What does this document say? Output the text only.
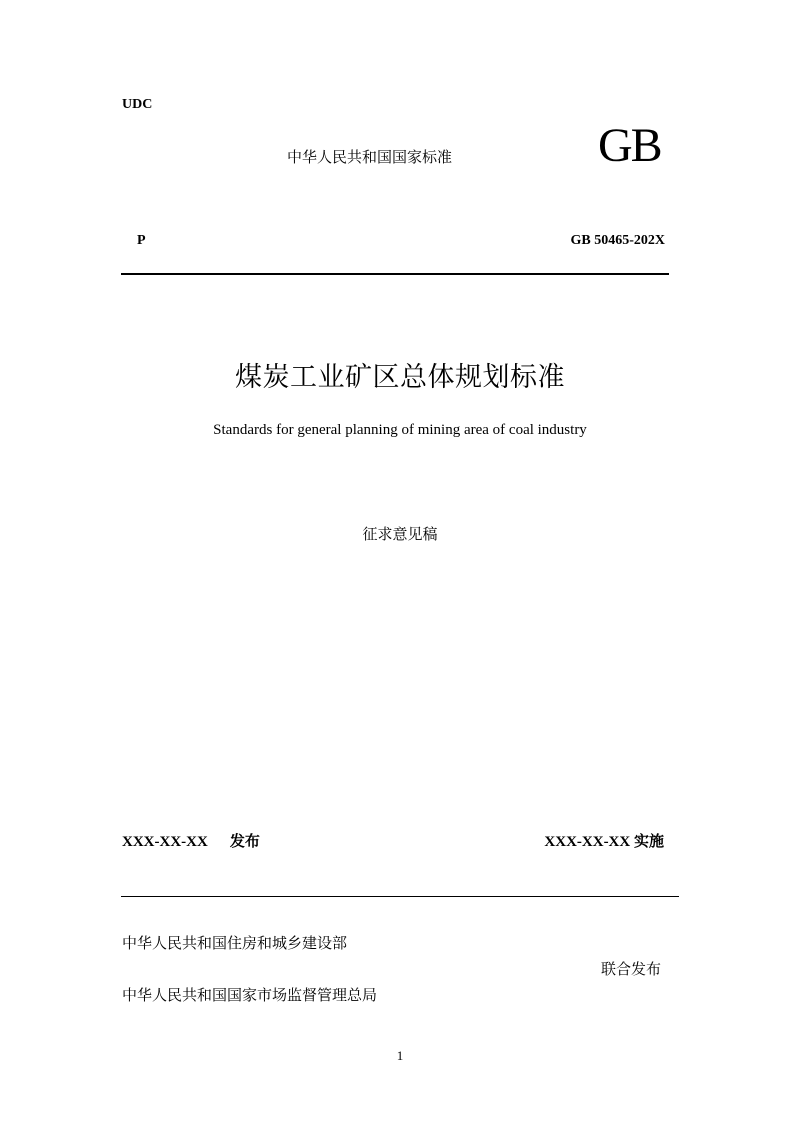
UDC
中华人民共和国国家标准	GB
P	GB 50465-202X
煤炭工业矿区总体规划标准
Standards for general planning of mining area of coal industry
征求意见稿
XXX-XX-XX 发布	XXX-XX-XX 实施
中华人民共和国住房和城乡建设部
联合发布
中华人民共和国国家市场监督管理总局
1
